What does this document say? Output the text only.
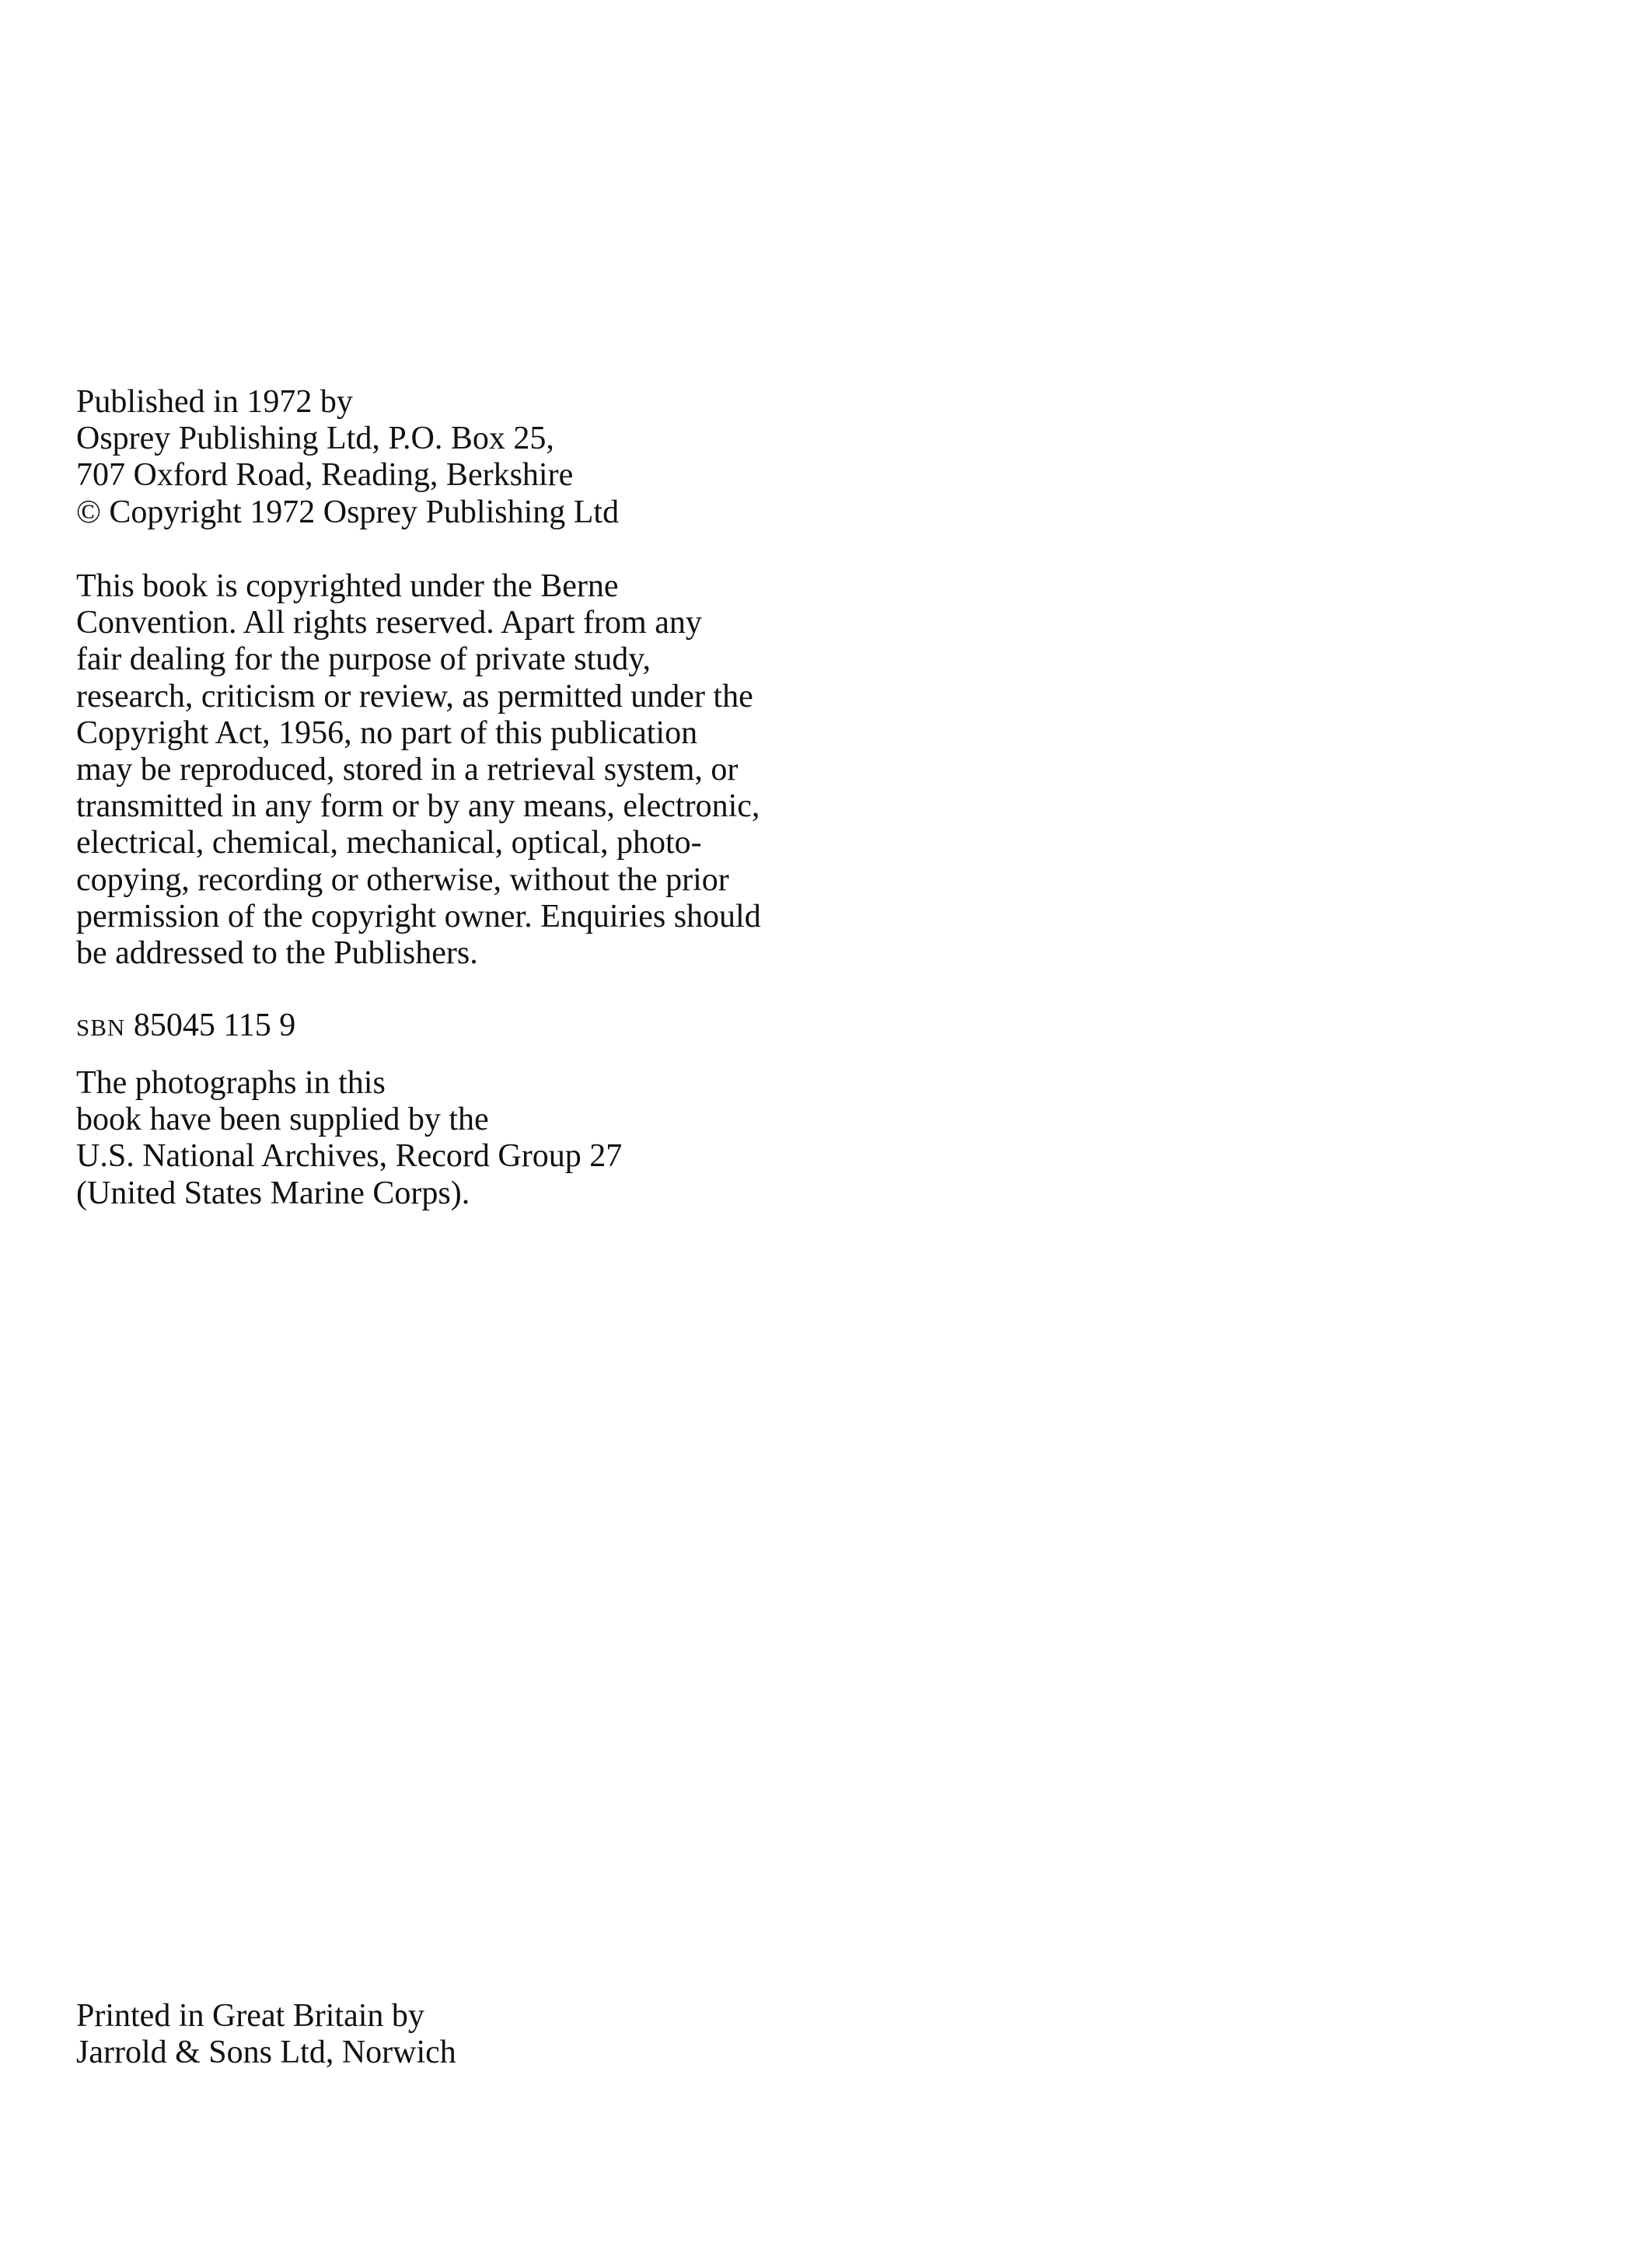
Published in 1972 by
Osprey Publishing Ltd, P.O. Box 25,
707 Oxford Road, Reading, Berkshire
© Copyright 1972 Osprey Publishing Ltd
This book is copyrighted under the Berne
Convention. All rights reserved. Apart from any
fair dealing for the purpose of private study,
research, criticism or review, as permitted under the
Copyright Act, 1956, no part of this publication
may be reproduced, stored in a retrieval system, or
transmitted in any form or by any means, electronic,
electrical, chemical, mechanical, optical, photo-
copying, recording or otherwise, without the prior
permission of the copyright owner. Enquiries should
be addressed to the Publishers.
SBN 85045 115 9
The photographs in this
book have been supplied by the
U.S. National Archives, Record Group 27
(United States Marine Corps).
Printed in Great Britain by
Jarrold & Sons Ltd, Norwich
